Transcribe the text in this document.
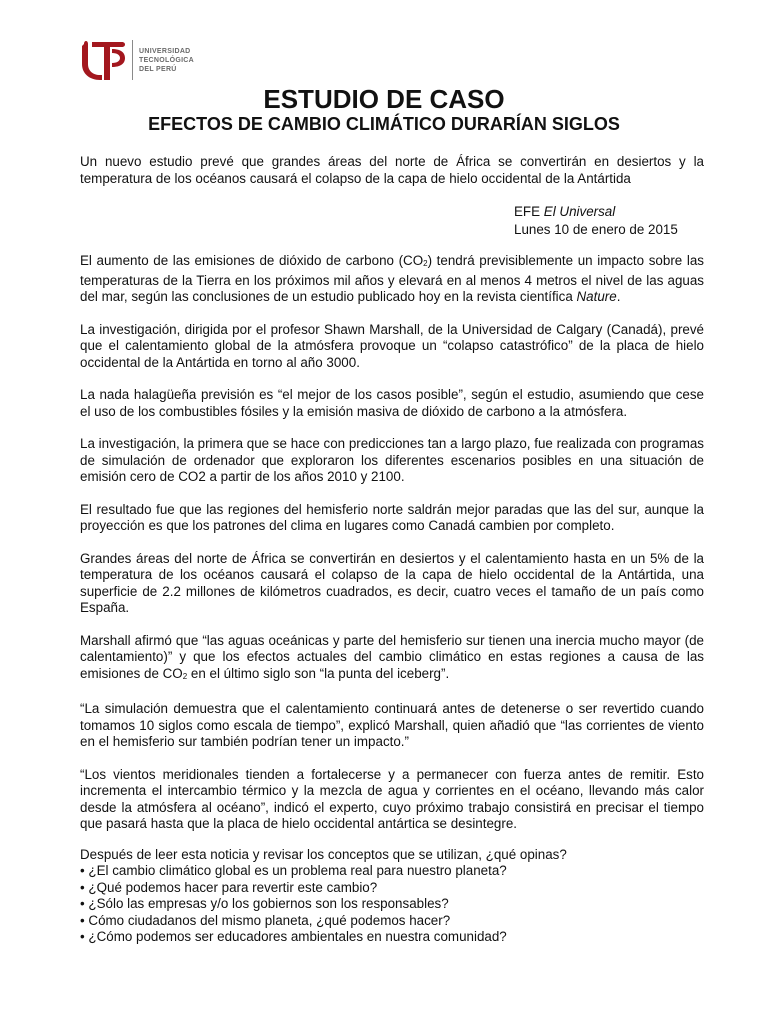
UNIVERSIDAD
TECNOLÓGICA
DEL PERÚ
ESTUDIO DE CASO
EFECTOS DE CAMBIO CLIMÁTICO DURARÍAN SIGLOS

Un nuevo estudio prevé que grandes áreas del norte de África se convertirán en desiertos y la temperatura de los océanos causará el colapso de la capa de hielo occidental de la Antártida

EFE El Universal
Lunes 10 de enero de 2015

El aumento de las emisiones de dióxido de carbono $(CO_2)$ tendrá previsiblemente un impacto sobre las temperaturas de la Tierra en los próximos mil años y elevará en al menos 4 metros el nivel de las aguas del mar, según las conclusiones de un estudio publicado hoy en la revista científica Nature.

La investigación, dirigida por el profesor Shawn Marshall, de la Universidad de Calgary (Canadá), prevé que el calentamiento global de la atmósfera provoque un “colapso catastrófico” de la placa de hielo occidental de la Antártida en torno al año 3000.

La nada halagüeña previsión es “el mejor de los casos posible”, según el estudio, asumiendo que cese el uso de los combustibles fósiles y la emisión masiva de dióxido de carbono a la atmósfera.

La investigación, la primera que se hace con predicciones tan a largo plazo, fue realizada con programas de simulación de ordenador que exploraron los diferentes escenarios posibles en una situación de emisión cero de CO2 a partir de los años 2010 y 2100.

El resultado fue que las regiones del hemisferio norte saldrán mejor paradas que las del sur, aunque la proyección es que los patrones del clima en lugares como Canadá cambien por completo.

Grandes áreas del norte de África se convertirán en desiertos y el calentamiento hasta en un 5% de la temperatura de los océanos causará el colapso de la capa de hielo occidental de la Antártida, una superficie de 2.2 millones de kilómetros cuadrados, es decir, cuatro veces el tamaño de un país como España.

Marshall afirmó que “las aguas oceánicas y parte del hemisferio sur tienen una inercia mucho mayor (de calentamiento)” y que los efectos actuales del cambio climático en estas regiones a causa de las emisiones de $CO_2$ en el último siglo son “la punta del iceberg”.

“La simulación demuestra que el calentamiento continuará antes de detenerse o ser revertido cuando tomamos 10 siglos como escala de tiempo”, explicó Marshall, quien añadió que “las corrientes de viento en el hemisferio sur también podrían tener un impacto.”

“Los vientos meridionales tienden a fortalecerse y a permanecer con fuerza antes de remitir. Esto incrementa el intercambio térmico y la mezcla de agua y corrientes en el océano, llevando más calor desde la atmósfera al océano”, indicó el experto, cuyo próximo trabajo consistirá en precisar el tiempo que pasará hasta que la placa de hielo occidental antártica se desintegre.

Después de leer esta noticia y revisar los conceptos que se utilizan, ¿qué opinas?
• ¿El cambio climático global es un problema real para nuestro planeta?
• ¿Qué podemos hacer para revertir este cambio?
• ¿Sólo las empresas y/o los gobiernos son los responsables?
• Cómo ciudadanos del mismo planeta, ¿qué podemos hacer?
• ¿Cómo podemos ser educadores ambientales en nuestra comunidad?
